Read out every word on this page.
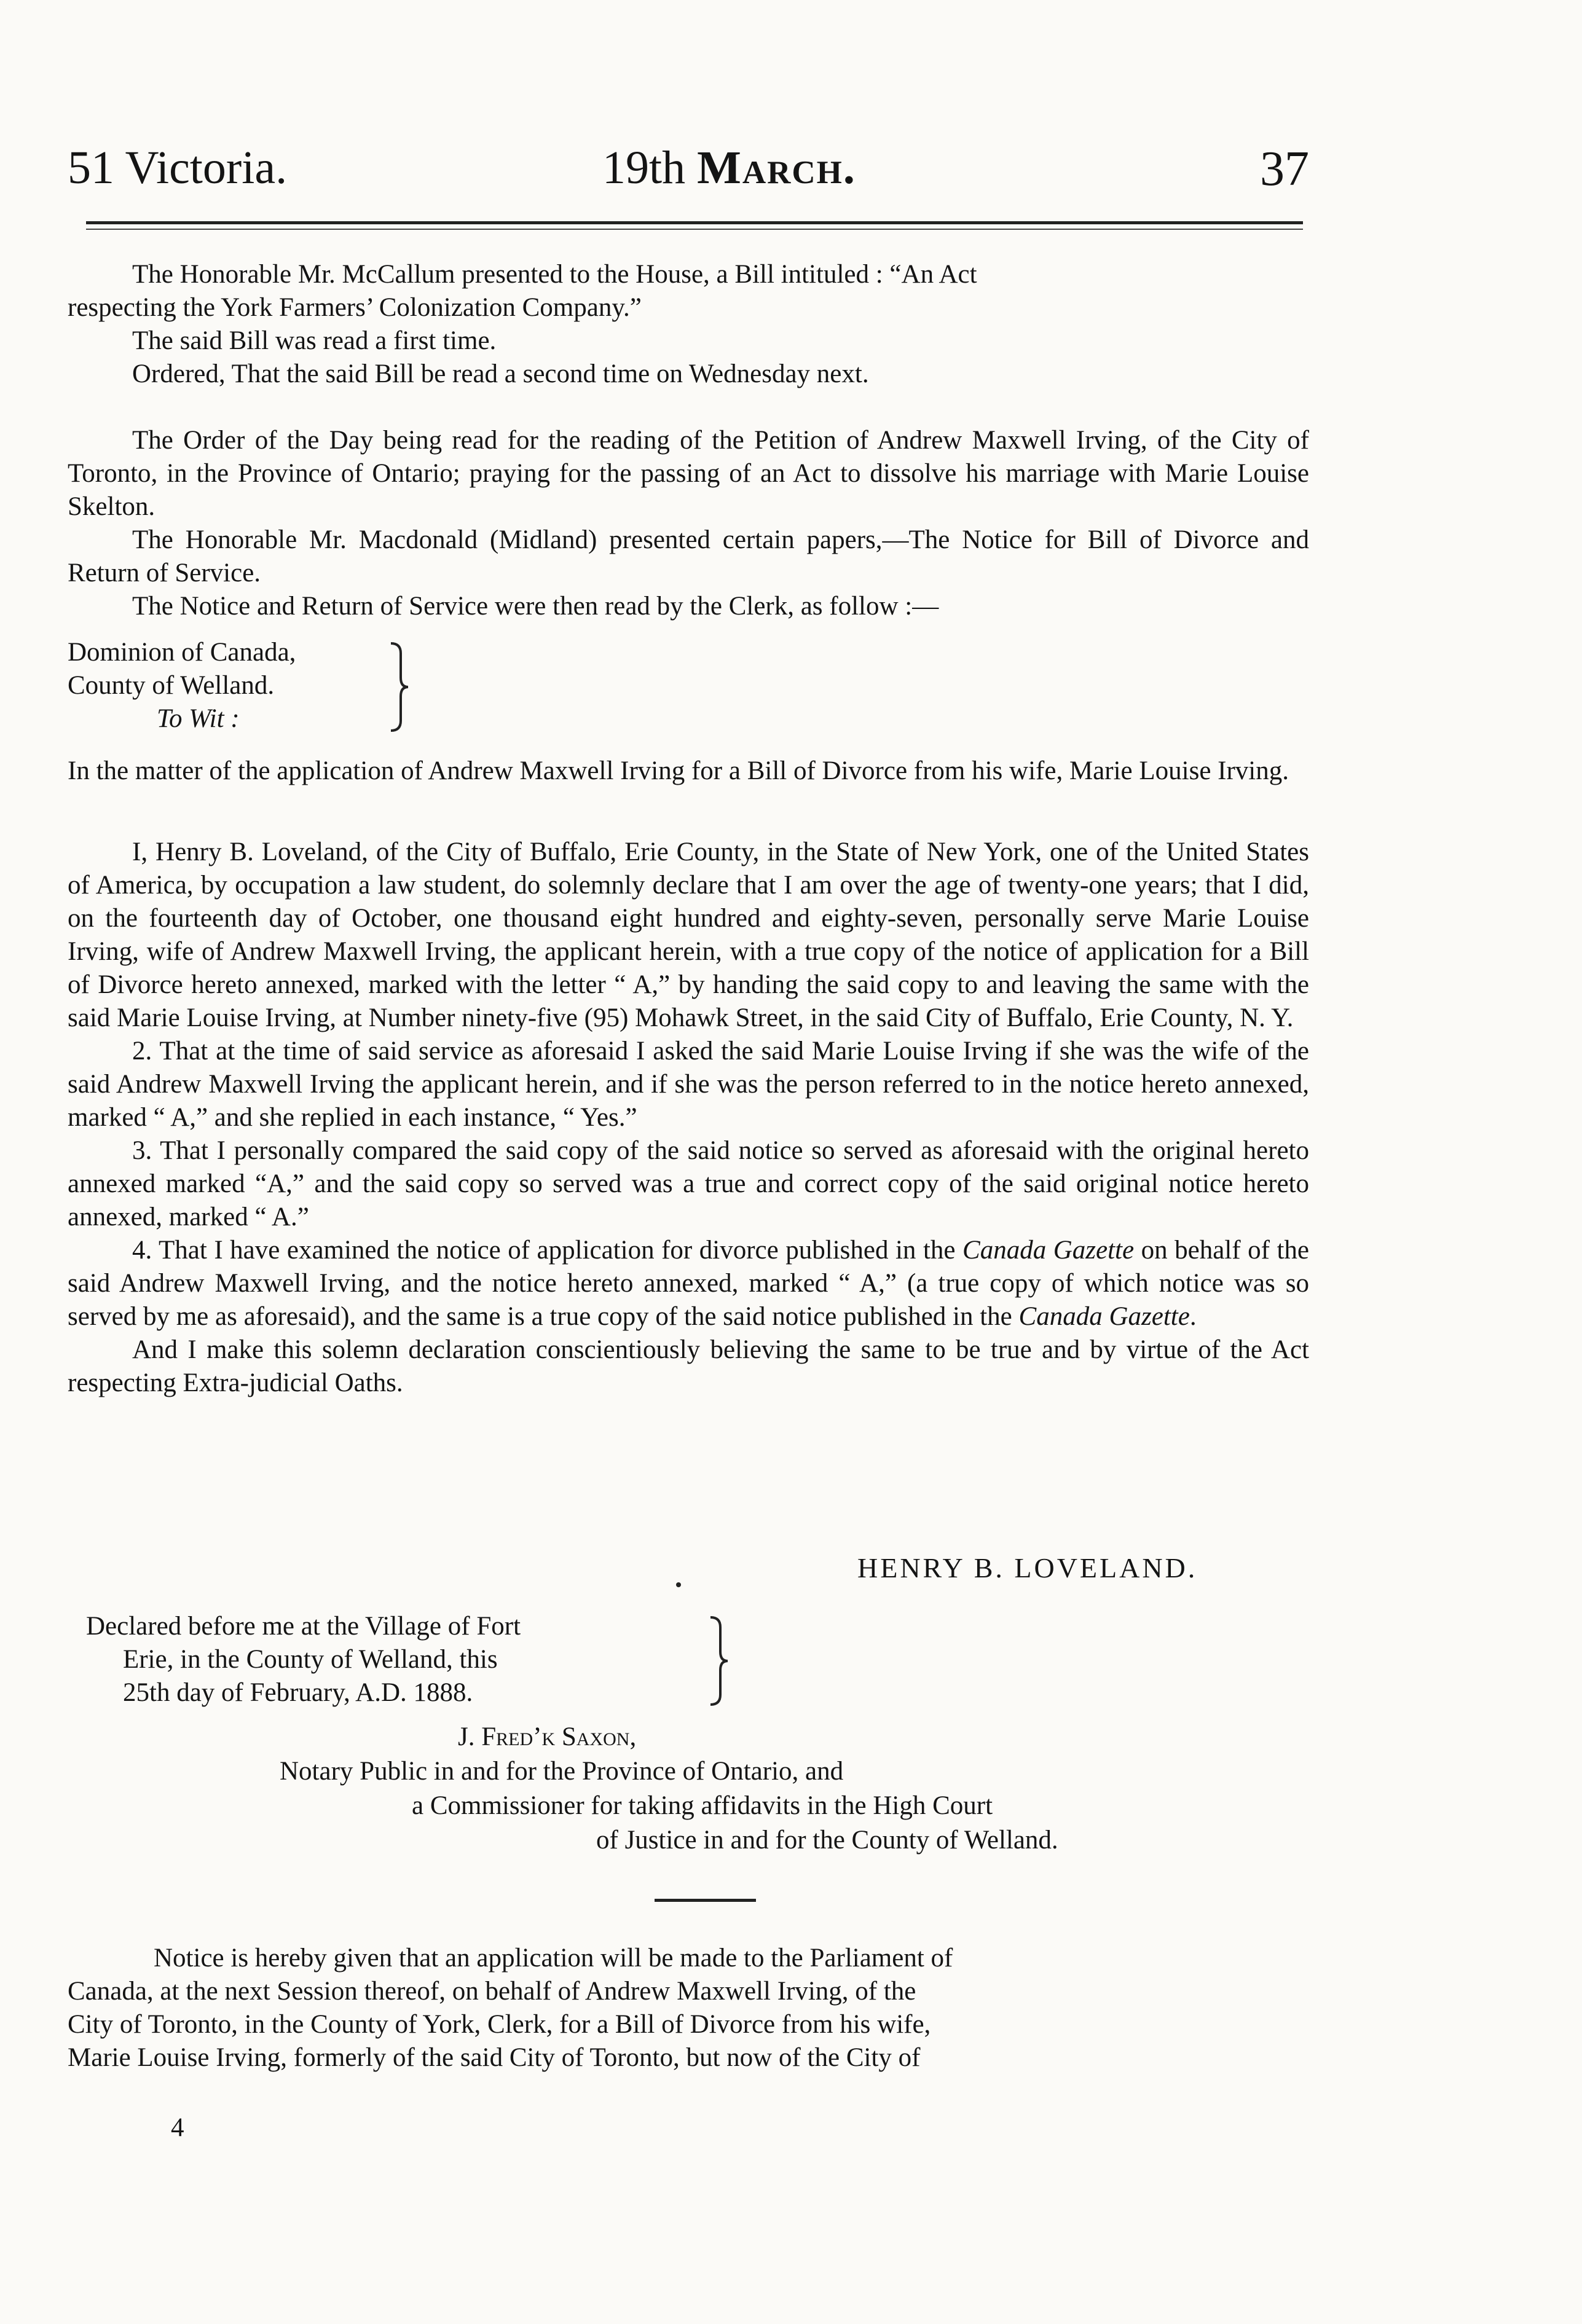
51 Victoria.	19th March.	37
The Honorable Mr. McCallum presented to the House, a Bill intituled : “An Act
respecting the York Farmers’ Colonization Company.”
The said Bill was read a first time.
Ordered, That the said Bill be read a second time on Wednesday next.

The Order of the Day being read for the reading of the Petition of Andrew Maxwell Irving, of the City of Toronto, in the Province of Ontario; praying for the passing of an Act to dissolve his marriage with Marie Louise Skelton.

The Honorable Mr. Macdonald (Midland) presented certain papers,—The Notice for Bill of Divorce and Return of Service.

The Notice and Return of Service were then read by the Clerk, as follow :—

Dominion of Canada,
County of Welland.
To Wit :

In the matter of the application of Andrew Maxwell Irving for a Bill of Divorce from his wife, Marie Louise Irving.

I, Henry B. Loveland, of the City of Buffalo, Erie County, in the State of New York, one of the United States of America, by occupation a law student, do solemnly declare that I am over the age of twenty-one years; that I did, on the fourteenth day of October, one thousand eight hundred and eighty-seven, personally serve Marie Louise Irving, wife of Andrew Maxwell Irving, the applicant herein, with a true copy of the notice of application for a Bill of Divorce hereto annexed, marked with the letter “ A,” by handing the said copy to and leaving the same with the said Marie Louise Irving, at Number ninety-five (95) Mohawk Street, in the said City of Buffalo, Erie County, N. Y.

2. That at the time of said service as aforesaid I asked the said Marie Louise Irving if she was the wife of the said Andrew Maxwell Irving the applicant herein, and if she was the person referred to in the notice hereto annexed, marked “ A,” and she replied in each instance, “ Yes.”

3. That I personally compared the said copy of the said notice so served as aforesaid with the original hereto annexed marked “A,” and the said copy so served was a true and correct copy of the said original notice hereto annexed, marked “ A.”

4. That I have examined the notice of application for divorce published in the Canada Gazette on behalf of the said Andrew Maxwell Irving, and the notice hereto annexed, marked “ A,” (a true copy of which notice was so served by me as aforesaid), and the same is a true copy of the said notice published in the Canada Gazette.

And I make this solemn declaration conscientiously believing the same to be true and by virtue of the Act respecting Extra-judicial Oaths.

HENRY B. LOVELAND.
Declared before me at the Village of Fort
Erie, in the County of Welland, this
25th day of February, A.D. 1888.
J. Fred’k Saxon,
Notary Public in and for the Province of Ontario, and
a Commissioner for taking affidavits in the High Court
of Justice in and for the County of Welland.
Notice is hereby given that an application will be made to the Parliament of
Canada, at the next Session thereof, on behalf of Andrew Maxwell Irving, of the
City of Toronto, in the County of York, Clerk, for a Bill of Divorce from his wife,
Marie Louise Irving, formerly of the said City of Toronto, but now of the City of
4
